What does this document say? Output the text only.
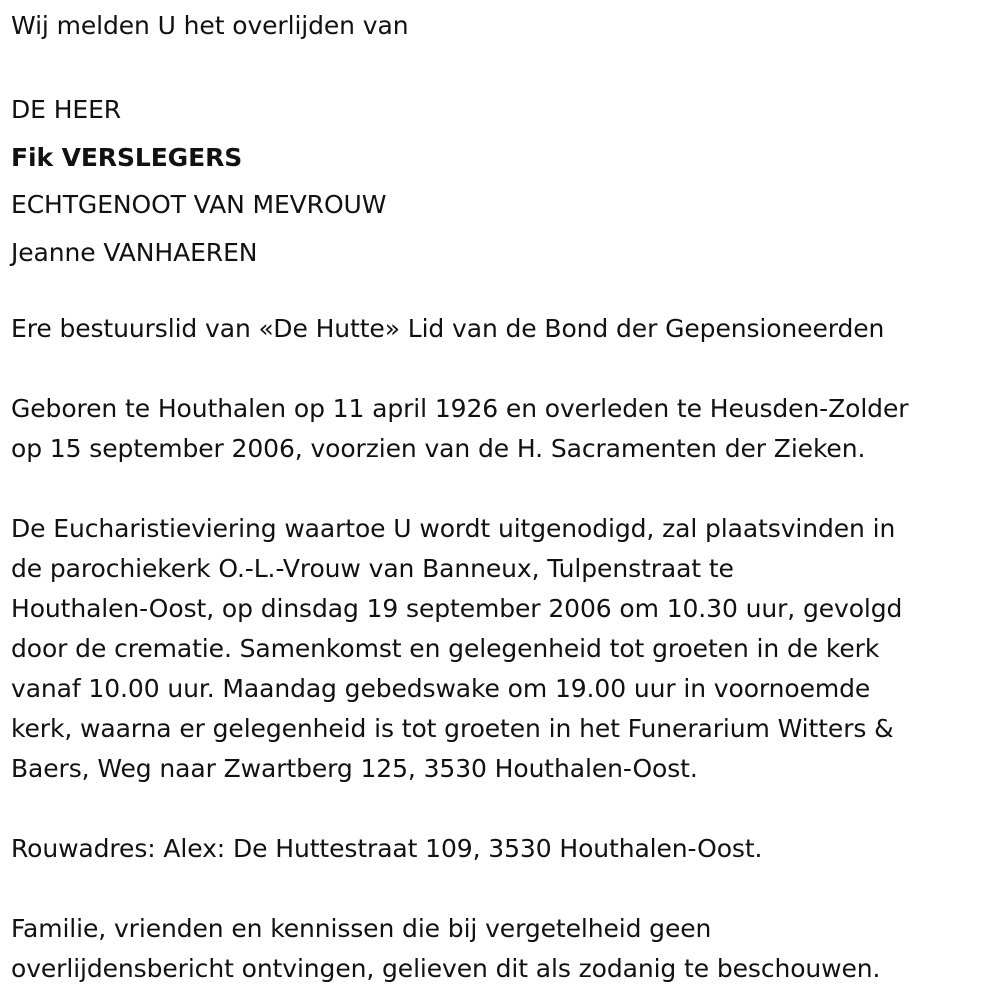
Wij melden U het overlijden van
DE HEER
Fik VERSLEGERS
ECHTGENOOT VAN MEVROUW
Jeanne VANHAEREN
Ere bestuurslid van «De Hutte» Lid van de Bond der Gepensioneerden
Geboren te Houthalen op 11 april 1926 en overleden te Heusden-Zolder
op 15 september 2006, voorzien van de H. Sacramenten der Zieken.
De Eucharistieviering waartoe U wordt uitgenodigd, zal plaatsvinden in
de parochiekerk O.-L.-Vrouw van Banneux, Tulpenstraat te
Houthalen-Oost, op dinsdag 19 september 2006 om 10.30 uur, gevolgd
door de crematie. Samenkomst en gelegenheid tot groeten in de kerk
vanaf 10.00 uur. Maandag gebedswake om 19.00 uur in voornoemde
kerk, waarna er gelegenheid is tot groeten in het Funerarium Witters &
Baers, Weg naar Zwartberg 125, 3530 Houthalen-Oost.
Rouwadres: Alex: De Huttestraat 109, 3530 Houthalen-Oost.
Familie, vrienden en kennissen die bij vergetelheid geen
overlijdensbericht ontvingen, gelieven dit als zodanig te beschouwen.
